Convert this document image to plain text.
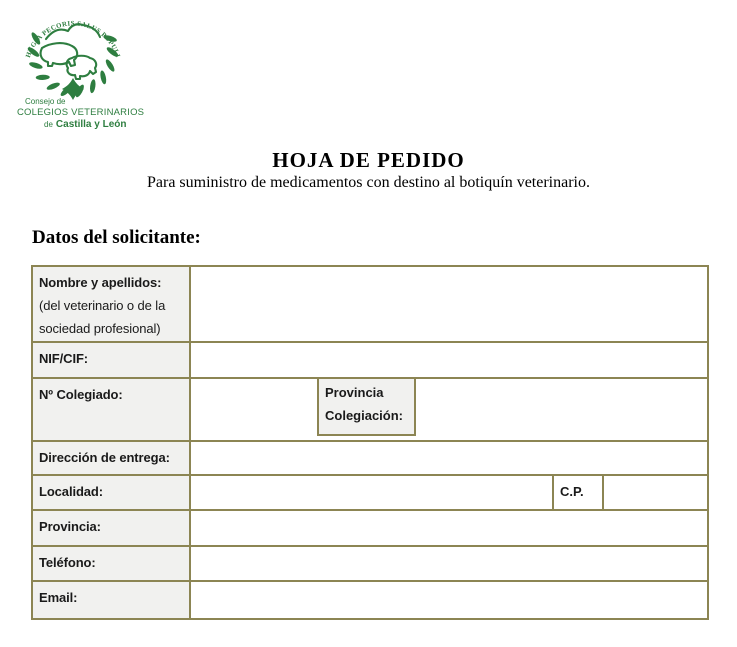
HYGIA PECORIS SALUS POPULI
Consejo de
COLEGIOS VETERINARIOS
de Castilla y León
HOJA DE PEDIDO
Para suministro de medicamentos con destino al botiquín veterinario.
Datos del solicitante:
Nombre y apellidos:
(del veterinario o de la sociedad profesional)
NIF/CIF:
Nº Colegiado:	Provincia Colegiación:
Dirección de entrega:
Localidad:	C.P.
Provincia:
Teléfono:
Email:
